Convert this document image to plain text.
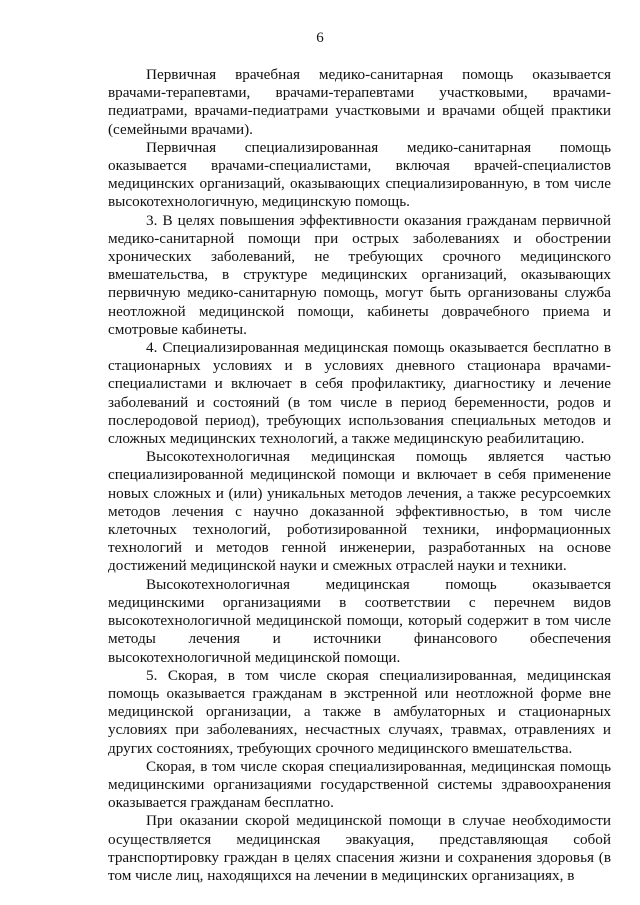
6

Первичная врачебная медико-санитарная помощь оказывается врачами-терапевтами, врачами-терапевтами участковыми, врачами-педиатрами, врачами-педиатрами участковыми и врачами общей практики (семейными врачами).

Первичная специализированная медико-санитарная помощь оказывается врачами-специалистами, включая врачей-специалистов медицинских организаций, оказывающих специализированную, в том числе высокотехнологичную, медицинскую помощь.

3. В целях повышения эффективности оказания гражданам первичной медико-санитарной помощи при острых заболеваниях и обострении хронических заболеваний, не требующих срочного медицинского вмешательства, в структуре медицинских организаций, оказывающих первичную медико-санитарную помощь, могут быть организованы служба неотложной медицинской помощи, кабинеты доврачебного приема и смотровые кабинеты.

4. Специализированная медицинская помощь оказывается бесплатно в стационарных условиях и в условиях дневного стационара врачами-специалистами и включает в себя профилактику, диагностику и лечение заболеваний и состояний (в том числе в период беременности, родов и послеродовой период), требующих использования специальных методов и сложных медицинских технологий, а также медицинскую реабилитацию.

Высокотехнологичная медицинская помощь является частью специализированной медицинской помощи и включает в себя применение новых сложных и (или) уникальных методов лечения, а также ресурсоемких методов лечения с научно доказанной эффективностью, в том числе клеточных технологий, роботизированной техники, информационных технологий и методов генной инженерии, разработанных на основе достижений медицинской науки и смежных отраслей науки и техники.

Высокотехнологичная медицинская помощь оказывается медицинскими организациями в соответствии с перечнем видов высокотехнологичной медицинской помощи, который содержит в том числе методы лечения и источники финансового обеспечения высокотехнологичной медицинской помощи.

5. Скорая, в том числе скорая специализированная, медицинская помощь оказывается гражданам в экстренной или неотложной форме вне медицинской организации, а также в амбулаторных и стационарных условиях при заболеваниях, несчастных случаях, травмах, отравлениях и других состояниях, требующих срочного медицинского вмешательства.

Скорая, в том числе скорая специализированная, медицинская помощь медицинскими организациями государственной системы здравоохранения оказывается гражданам бесплатно.

При оказании скорой медицинской помощи в случае необходимости осуществляется медицинская эвакуация, представляющая собой транспортировку граждан в целях спасения жизни и сохранения здоровья (в том числе лиц, находящихся на лечении в медицинских организациях, в
